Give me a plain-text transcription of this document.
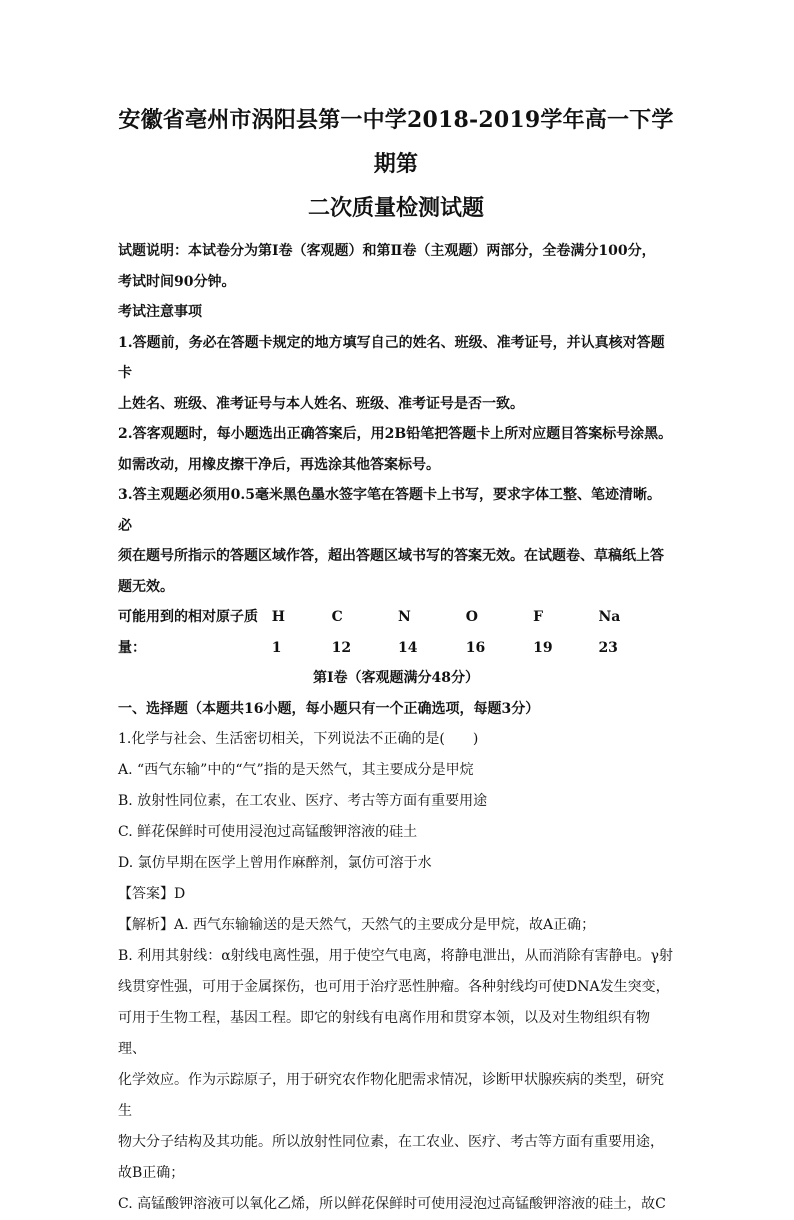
安徽省亳州市涡阳县第一中学2018-2019学年高一下学期第
二次质量检测试题

试题说明：本试卷分为第Ⅰ卷（客观题）和第Ⅱ卷（主观题）两部分，全卷满分100分，

考试时间90分钟。

考试注意事项

1.答题前，务必在答题卡规定的地方填写自己的姓名、班级、准考证号，并认真核对答题卡

上姓名、班级、准考证号与本人姓名、班级、准考证号是否一致。

2.答客观题时，每小题选出正确答案后，用2B铅笔把答题卡上所对应题目答案标号涂黑。

如需改动，用橡皮擦干净后，再选涂其他答案标号。

3.答主观题必须用0.5毫米黑色墨水签字笔在答题卡上书写，要求字体工整、笔迹清晰。必

须在题号所指示的答题区域作答，超出答题区域书写的答案无效。在试题卷、草稿纸上答

题无效。

可能用到的相对原子质量：
H 1
C 12
N 14
O 16
F 19
Na 23

第Ⅰ卷（客观题满分48分）

一、选择题（本题共16小题，每小题只有一个正确选项，每题3分）

1.化学与社会、生活密切相关，下列说法不正确的是(　　)

A. “西气东输”中的“气”指的是天然气，其主要成分是甲烷

B. 放射性同位素，在工农业、医疗、考古等方面有重要用途

C. 鲜花保鲜时可使用浸泡过高锰酸钾溶液的硅土

D. 氯仿早期在医学上曾用作麻醉剂，氯仿可溶于水

【答案】D

【解析】A. 西气东输输送的是天然气，天然气的主要成分是甲烷，故A正确；

B. 利用其射线：α射线电离性强，用于使空气电离，将静电泄出，从而消除有害静电。γ射

线贯穿性强，可用于金属探伤，也可用于治疗恶性肿瘤。各种射线均可使DNA发生突变，

可用于生物工程，基因工程。即它的射线有电离作用和贯穿本领，以及对生物组织有物理、

化学效应。作为示踪原子，用于研究农作物化肥需求情况，诊断甲状腺疾病的类型，研究生

物大分子结构及其功能。所以放射性同位素，在工农业、医疗、考古等方面有重要用途，

故B正确；

C. 高锰酸钾溶液可以氧化乙烯，所以鲜花保鲜时可使用浸泡过高锰酸钾溶液的硅土，故C
